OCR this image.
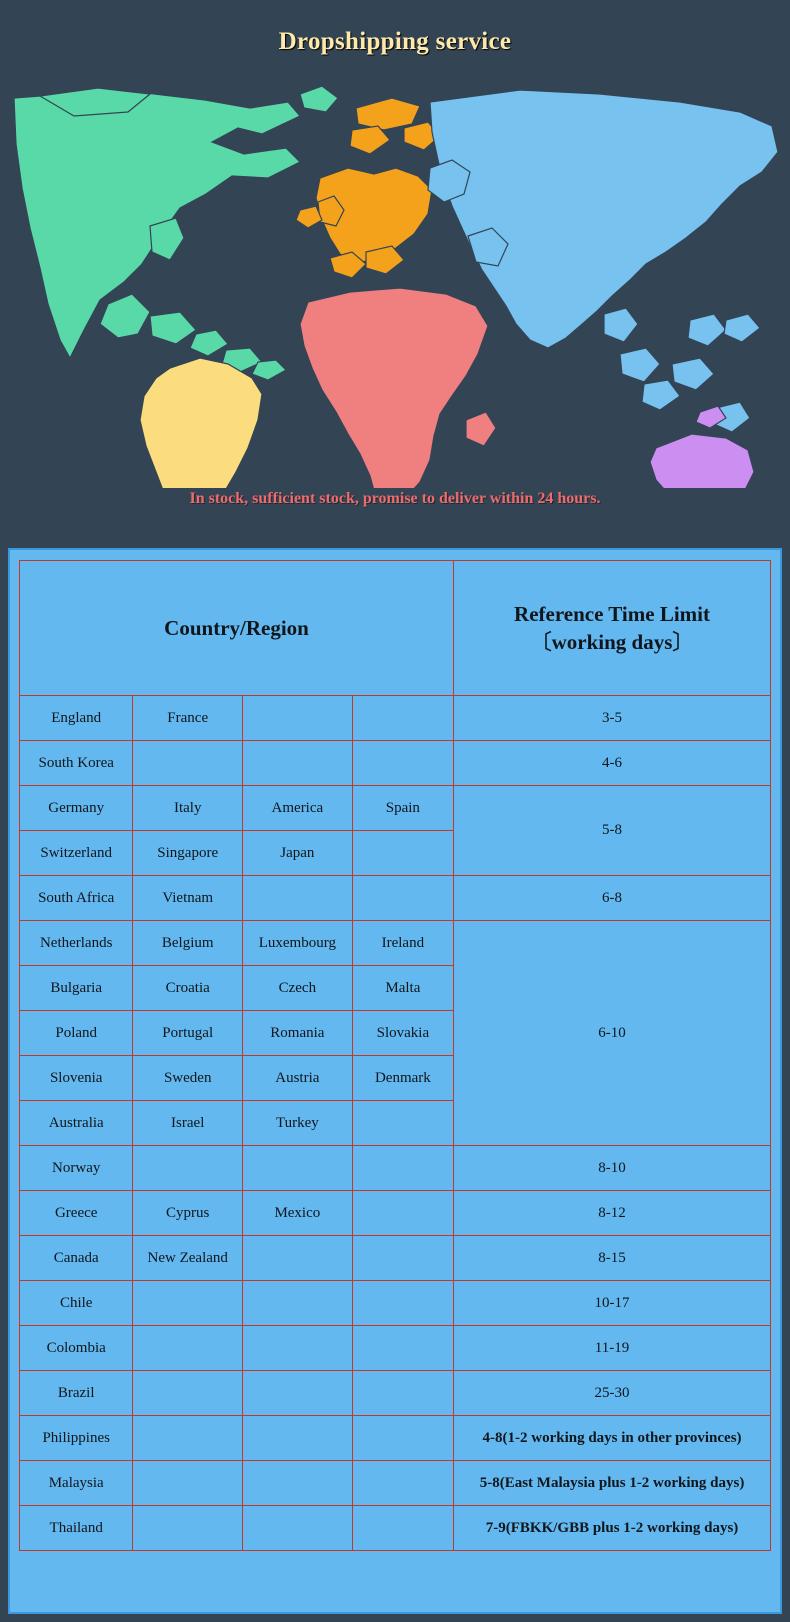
Dropshipping service
In stock, sufficient stock, promise to deliver within 24 hours.
Country/Region				Reference Time Limit
〔working days〕

England	France			3-5
South Korea				4-6
Germany	Italy	America	Spain	5-8
Switzerland	Singapore	Japan		
South Africa	Vietnam			6-8
Netherlands	Belgium	Luxembourg	Ireland	6-10
Bulgaria	Croatia	Czech	Malta	
Poland	Portugal	Romania	Slovakia	
Slovenia	Sweden	Austria	Denmark	
Australia	Israel	Turkey		
Norway				8-10
Greece	Cyprus	Mexico		8-12
Canada	New Zealand			8-15
Chile				10-17
Colombia				11-19
Brazil				25-30
Philippines				4-8(1-2 working days in other provinces)
Malaysia				5-8(East Malaysia plus 1-2 working days)
Thailand				7-9(FBKK/GBB plus 1-2 working days)
